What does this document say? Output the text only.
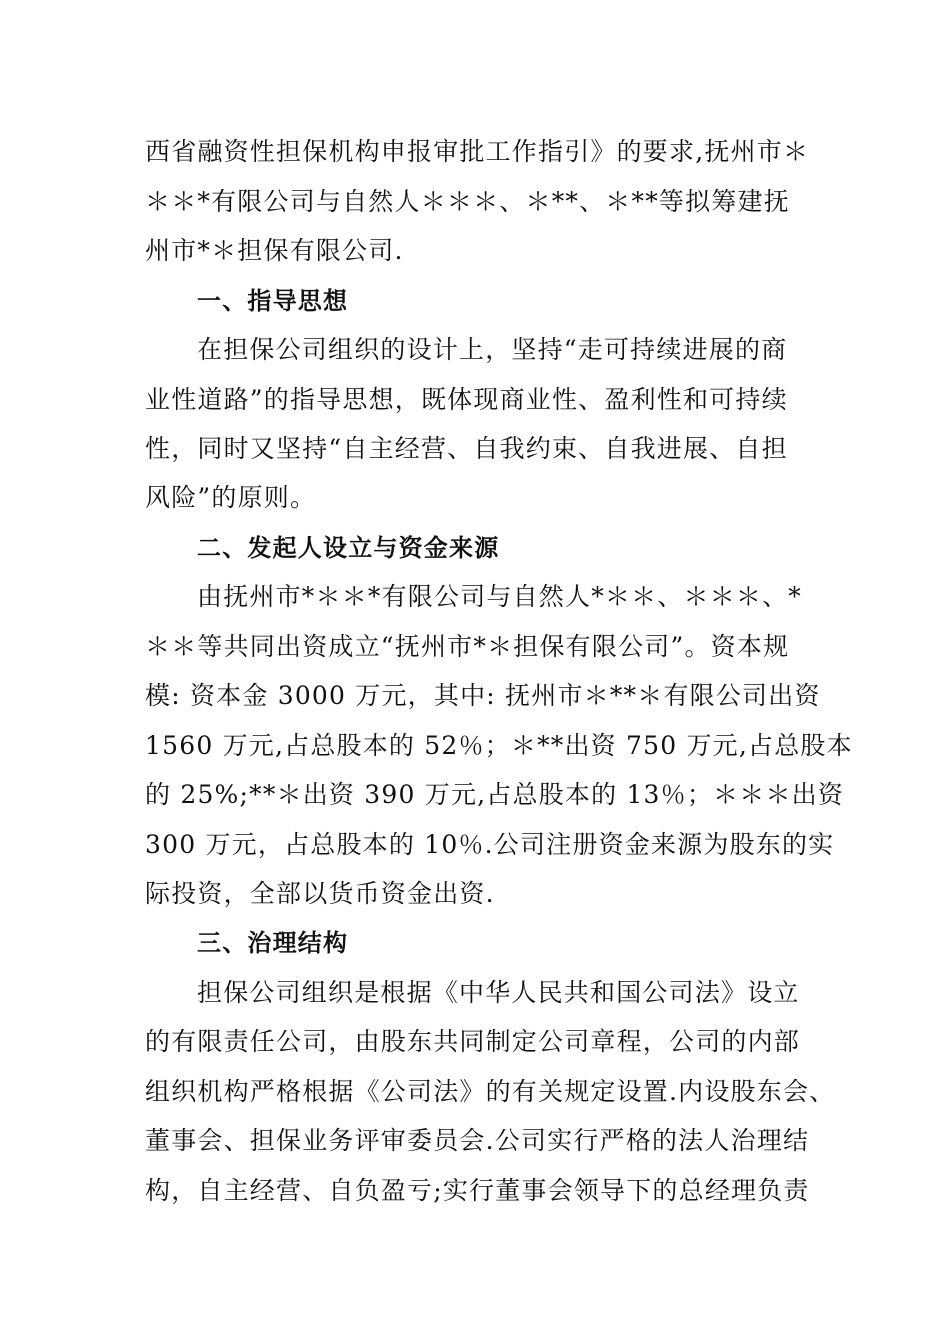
西省融资性担保机构申报审批工作指引》的要求,抚州市＊
＊＊*有限公司与自然人＊＊＊、＊**、＊**等拟筹建抚
州市*＊担保有限公司.
一、指导思想
在担保公司组织的设计上，坚持“走可持续进展的商
业性道路”的指导思想，既体现商业性、盈利性和可持续
性，同时又坚持“自主经营、自我约束、自我进展、自担
风险”的原则。
二、发起人设立与资金来源
由抚州市*＊＊*有限公司与自然人*＊＊、＊＊＊、*
＊＊等共同出资成立“抚州市*＊担保有限公司”。资本规
模: 资本金 3000 万元，其中: 抚州市＊**＊有限公司出资
1560 万元,占总股本的 52％；＊**出资 750 万元,占总股本
的 25%;**＊出资 390 万元,占总股本的 13％；＊＊＊出资
300 万元，占总股本的 10％.公司注册资金来源为股东的实
际投资，全部以货币资金出资.
三、治理结构
担保公司组织是根据《中华人民共和国公司法》设立
的有限责任公司，由股东共同制定公司章程，公司的内部
组织机构严格根据《公司法》的有关规定设置.内设股东会、
董事会、担保业务评审委员会.公司实行严格的法人治理结
构，自主经营、自负盈亏;实行董事会领导下的总经理负责
